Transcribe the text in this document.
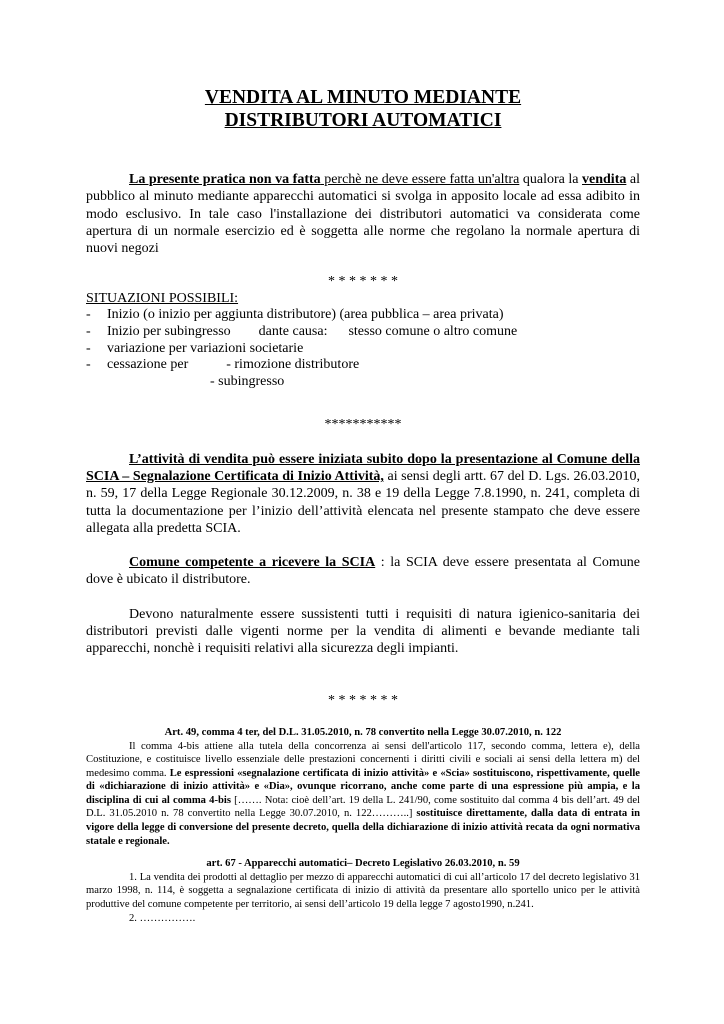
VENDITA AL MINUTO MEDIANTE
DISTRIBUTORI AUTOMATICI

La presente pratica non va fatta perchè ne deve essere fatta un'altra qualora la vendita al pubblico al minuto mediante apparecchi automatici si svolga in apposito locale ad essa adibito in modo esclusivo. In tale caso l'installazione dei distributori automatici va considerata come apertura di un normale esercizio ed è soggetta alle norme che regolano la normale apertura di nuovi negozi

* * * * * * *

SITUAZIONI POSSIBILI:
-	Inizio (o inizio per aggiunta distributore) (area pubblica – area privata)
-	Inizio per subingresso dante causa: stesso comune o altro comune
-	variazione per variazioni societarie
-	cessazione per	- rimozione distributore
- subingresso

***********

L’attività di vendita può essere iniziata subito dopo la presentazione al Comune della SCIA – Segnalazione Certificata di Inizio Attività, ai sensi degli artt. 67 del D. Lgs. 26.03.2010, n. 59, 17 della Legge Regionale 30.12.2009, n. 38 e 19 della Legge 7.8.1990, n. 241, completa di tutta la documentazione per l’inizio dell’attività elencata nel presente stampato che deve essere allegata alla predetta SCIA.

Comune competente a ricevere la SCIA : la SCIA deve essere presentata al Comune dove è ubicato il distributore.

Devono naturalmente essere sussistenti tutti i requisiti di natura igienico-sanitaria dei distributori previsti dalle vigenti norme per la vendita di alimenti e bevande mediante tali apparecchi, nonchè i requisiti relativi alla sicurezza degli impianti.

* * * * * * *

Art. 49, comma 4 ter, del D.L. 31.05.2010, n. 78 convertito nella Legge 30.07.2010, n. 122

Il comma 4-bis attiene alla tutela della concorrenza ai sensi dell'articolo 117, secondo comma, lettera e), della Costituzione, e costituisce livello essenziale delle prestazioni concernenti i diritti civili e sociali ai sensi della lettera m) del medesimo comma. Le espressioni «segnalazione certificata di inizio attività» e «Scia» sostituiscono, rispettivamente, quelle di «dichiarazione di inizio attività» e «Dia», ovunque ricorrano, anche come parte di una espressione più ampia, e la disciplina di cui al comma 4-bis [……. Nota: cioè dell’art. 19 della L. 241/90, come sostituito dal comma 4 bis dell’art. 49 del D.L. 31.05.2010 n. 78 convertito nella Legge 30.07.2010, n. 122………..] sostituisce direttamente, dalla data di entrata in vigore della legge di conversione del presente decreto, quella della dichiarazione di inizio attività recata da ogni normativa statale e regionale.

art. 67 - Apparecchi automatici– Decreto Legislativo 26.03.2010, n. 59

1. La vendita dei prodotti al dettaglio per mezzo di apparecchi automatici di cui all’articolo 17 del decreto legislativo 31 marzo 1998, n. 114, è soggetta a segnalazione certificata di inizio di attività da presentare allo sportello unico per le attività produttive del comune competente per territorio, ai sensi dell’articolo 19 della legge 7 agosto1990, n.241.

2. …………….
